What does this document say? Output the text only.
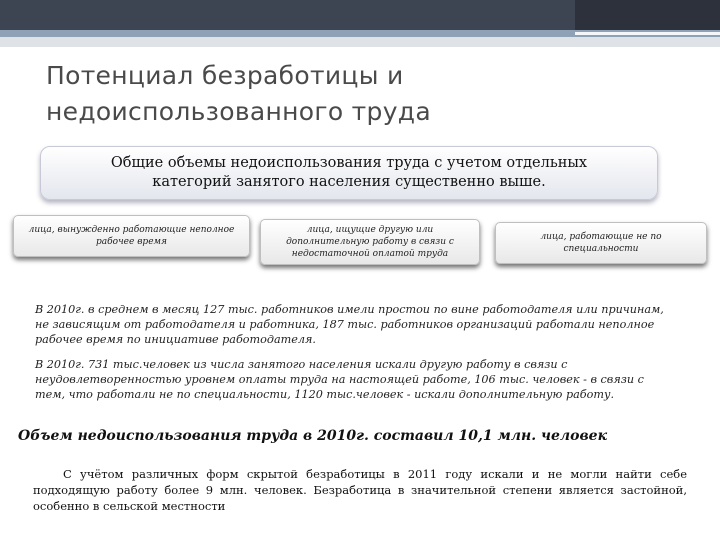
Потенциал безработицы и
недоиспользованного труда
Общие объемы недоиспользования труда с учетом отдельных категорий занятого населения существенно выше.
лица, вынужденно работающие неполное рабочее время
лица, ищущие другую или дополнительную работу в связи с недостаточной оплатой труда
лица, работающие не по специальности
В 2010г. в среднем в месяц 127 тыс. работников имели простои по вине работодателя или причинам, не зависящим от работодателя и работника, 187 тыс. работников организаций работали неполное рабочее время по инициативе работодателя.
В 2010г. 731 тыс.человек из числа занятого населения искали другую работу в связи с неудовлетворенностью уровнем оплаты труда на настоящей работе, 106 тыс. человек - в связи с тем, что работали не по специальности, 1120 тыс.человек - искали дополнительную работу.
Объем недоиспользования труда в 2010г. составил 10,1 млн. человек
С учётом различных форм скрытой безработицы в 2011 году искали и не могли найти себе подходящую работу более 9 млн. человек. Безработица в значительной степени является застойной, особенно в сельской местности
